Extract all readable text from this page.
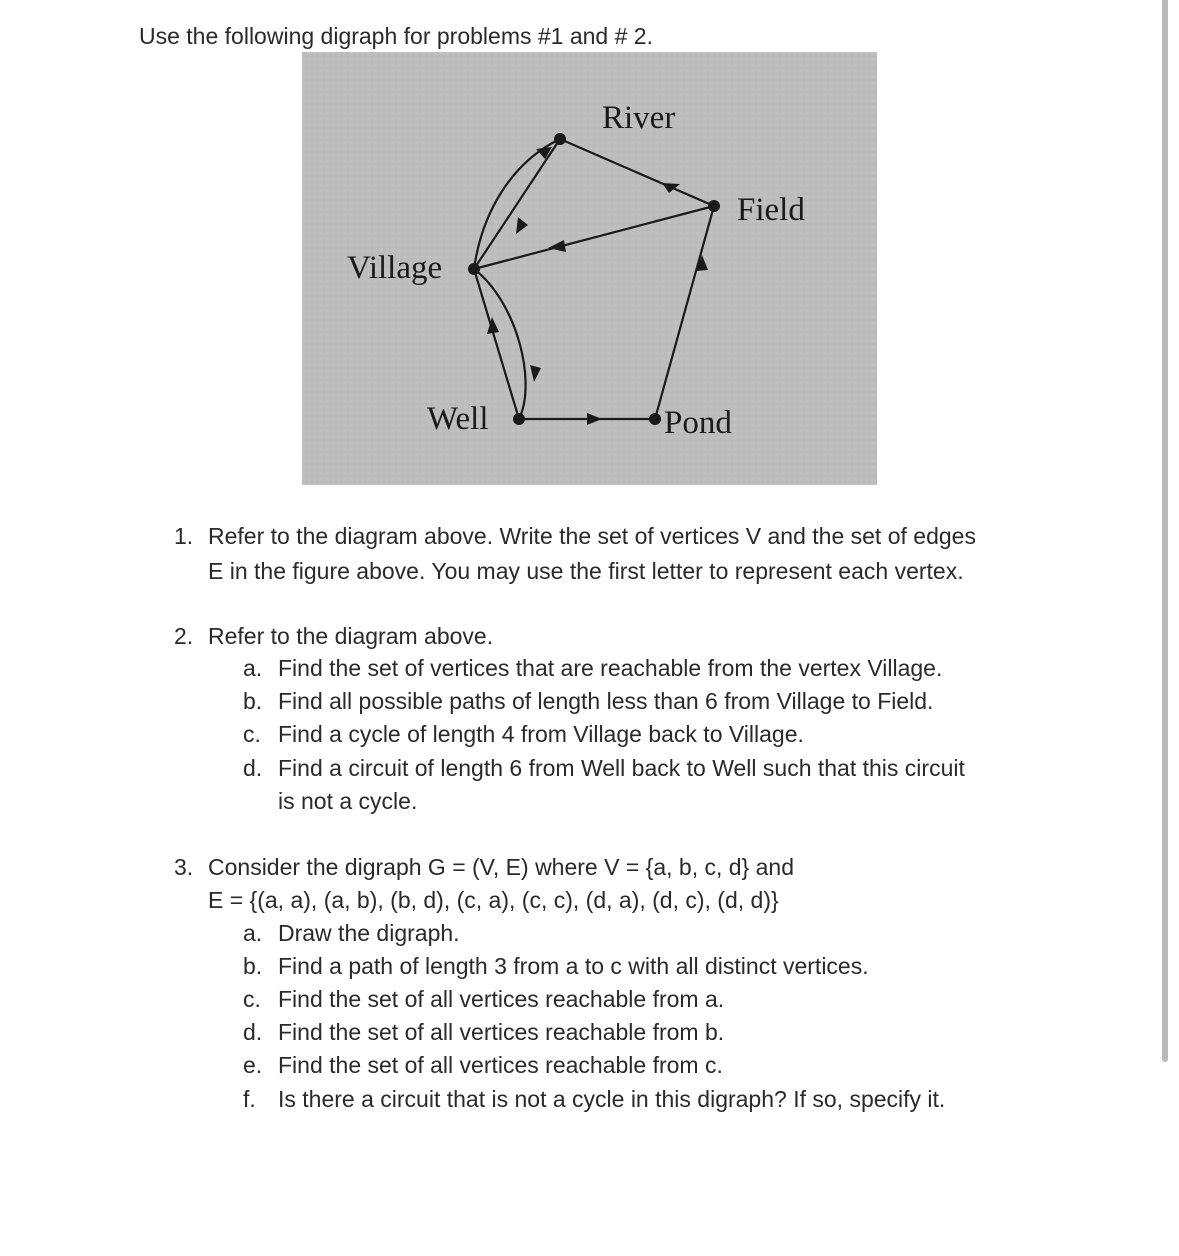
Use the following digraph for problems #1 and # 2.
River
Field
Village
Well	Pond
1. Refer to the diagram above. Write the set of vertices V and the set of edges
E in the figure above. You may use the first letter to represent each vertex.
2. Refer to the diagram above.
a. Find the set of vertices that are reachable from the vertex Village.
b. Find all possible paths of length less than 6 from Village to Field.
c. Find a cycle of length 4 from Village back to Village.
d. Find a circuit of length 6 from Well back to Well such that this circuit
is not a cycle.
3. Consider the digraph G = (V, E) where V = {a, b, c, d} and
E = {(a, a), (a, b), (b, d), (c, a), (c, c), (d, a), (d, c), (d, d)}
a. Draw the digraph.
b. Find a path of length 3 from a to c with all distinct vertices.
c. Find the set of all vertices reachable from a.
d. Find the set of all vertices reachable from b.
e. Find the set of all vertices reachable from c.
f. Is there a circuit that is not a cycle in this digraph? If so, specify it.
